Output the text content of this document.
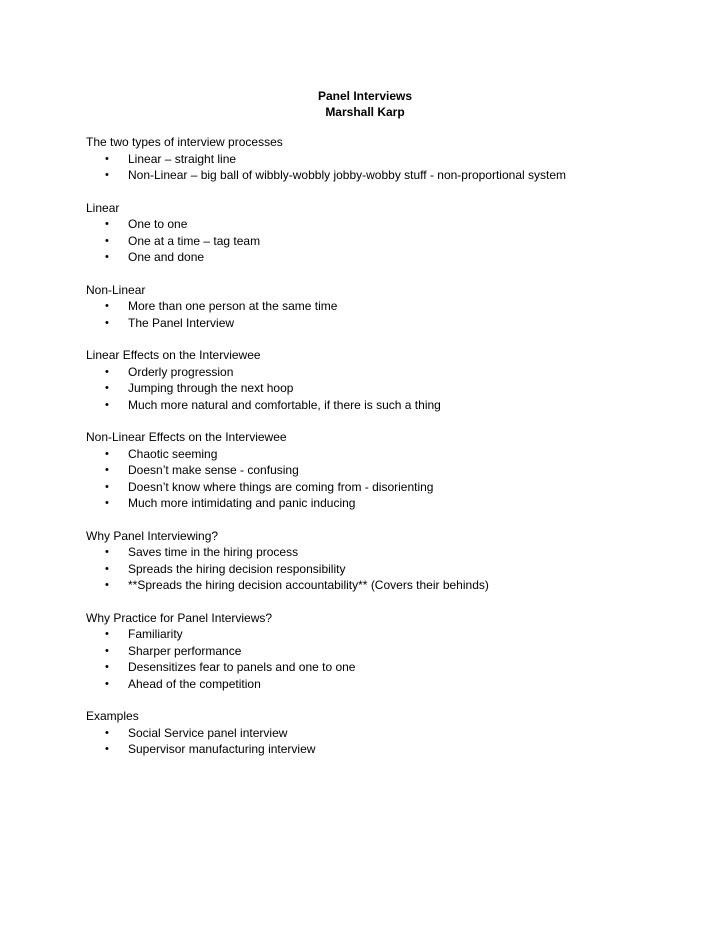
Panel Interviews
Marshall Karp
The two types of interview processes
• Linear – straight line
• Non-Linear – big ball of wibbly-wobbly jobby-wobby stuff - non-proportional system
Linear
• One to one
• One at a time – tag team
• One and done
Non-Linear
• More than one person at the same time
• The Panel Interview
Linear Effects on the Interviewee
• Orderly progression
• Jumping through the next hoop
• Much more natural and comfortable, if there is such a thing
Non-Linear Effects on the Interviewee
• Chaotic seeming
• Doesn’t make sense - confusing
• Doesn’t know where things are coming from - disorienting
• Much more intimidating and panic inducing
Why Panel Interviewing?
• Saves time in the hiring process
• Spreads the hiring decision responsibility
• **Spreads the hiring decision accountability** (Covers their behinds)
Why Practice for Panel Interviews?
• Familiarity
• Sharper performance
• Desensitizes fear to panels and one to one
• Ahead of the competition
Examples
• Social Service panel interview
• Supervisor manufacturing interview
